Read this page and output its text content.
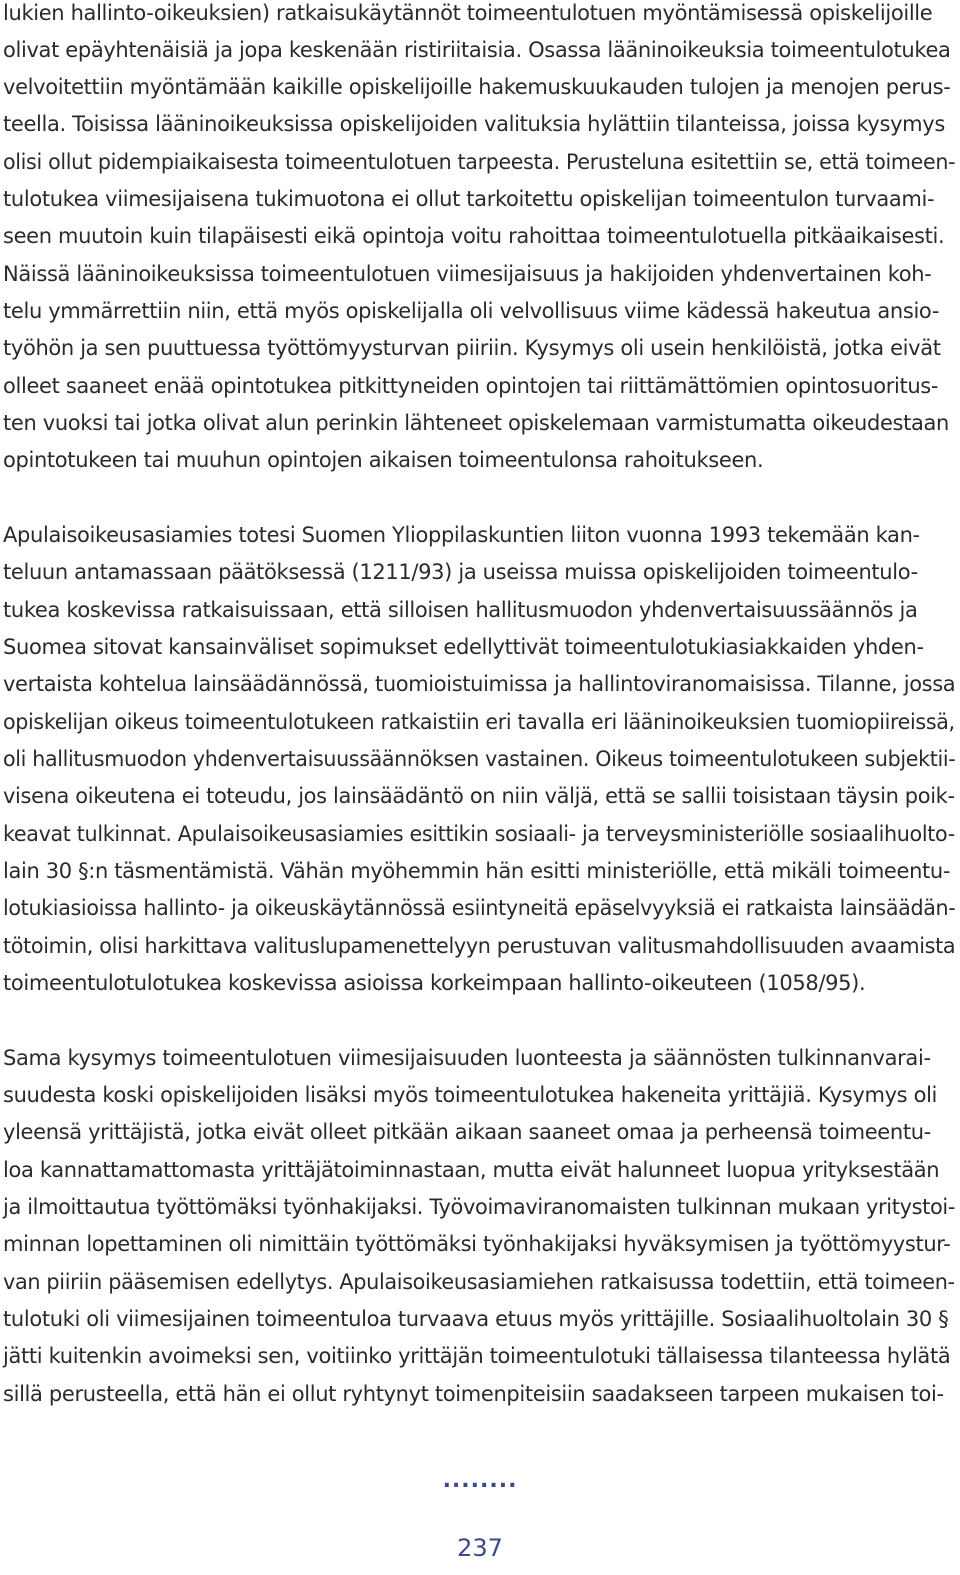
lukien hallinto-oikeuksien) ratkaisukäytännöt toimeentulotuen myöntämisessä opiskelijoille
olivat epäyhtenäisiä ja jopa keskenään ristiriitaisia. Osassa lääninoikeuksia toimeentulotukea
velvoitettiin myöntämään kaikille opiskelijoille hakemuskuukauden tulojen ja menojen perus-
teella. Toisissa lääninoikeuksissa opiskelijoiden valituksia hylättiin tilanteissa, joissa kysymys
olisi ollut pidempiaikaisesta toimeentulotuen tarpeesta. Perusteluna esitettiin se, että toimeen-
tulotukea viimesijaisena tukimuotona ei ollut tarkoitettu opiskelijan toimeentulon turvaami-
seen muutoin kuin tilapäisesti eikä opintoja voitu rahoittaa toimeentulotuella pitkäaikaisesti.
Näissä lääninoikeuksissa toimeentulotuen viimesijaisuus ja hakijoiden yhdenvertainen koh-
telu ymmärrettiin niin, että myös opiskelijalla oli velvollisuus viime kädessä hakeutua ansio-
työhön ja sen puuttuessa työttömyysturvan piiriin. Kysymys oli usein henkilöistä, jotka eivät
olleet saaneet enää opintotukea pitkittyneiden opintojen tai riittämättömien opintosuoritus-
ten vuoksi tai jotka olivat alun perinkin lähteneet opiskelemaan varmistumatta oikeudestaan
opintotukeen tai muuhun opintojen aikaisen toimeentulonsa rahoitukseen.
Apulaisoikeusasiamies totesi Suomen Ylioppilaskuntien liiton vuonna 1993 tekemään kan-
teluun antamassaan päätöksessä (1211/93) ja useissa muissa opiskelijoiden toimeentulo-
tukea koskevissa ratkaisuissaan, että silloisen hallitusmuodon yhdenvertaisuussäännös ja
Suomea sitovat kansainväliset sopimukset edellyttivät toimeentulotukiasiakkaiden yhden-
vertaista kohtelua lainsäädännössä, tuomioistuimissa ja hallintoviranomaisissa. Tilanne, jossa
opiskelijan oikeus toimeentulotukeen ratkaistiin eri tavalla eri lääninoikeuksien tuomiopiireissä,
oli hallitusmuodon yhdenvertaisuussäännöksen vastainen. Oikeus toimeentulotukeen subjektii-
visena oikeutena ei toteudu, jos lainsäädäntö on niin väljä, että se sallii toisistaan täysin poik-
keavat tulkinnat. Apulaisoikeusasiamies esittikin sosiaali- ja terveysministeriölle sosiaalihuolto-
lain 30 §:n täsmentämistä. Vähän myöhemmin hän esitti ministeriölle, että mikäli toimeentu-
lotukiasioissa hallinto- ja oikeuskäytännössä esiintyneitä epäselvyyksiä ei ratkaista lainsäädän-
tötoimin, olisi harkittava valituslupamenettelyyn perustuvan valitusmahdollisuuden avaamista
toimeentulotulotukea koskevissa asioissa korkeimpaan hallinto-oikeuteen (1058/95).
Sama kysymys toimeentulotuen viimesijaisuuden luonteesta ja säännösten tulkinnanvarai-
suudesta koski opiskelijoiden lisäksi myös toimeentulotukea hakeneita yrittäjiä. Kysymys oli
yleensä yrittäjistä, jotka eivät olleet pitkään aikaan saaneet omaa ja perheensä toimeentu-
loa kannattamattomasta yrittäjätoiminnastaan, mutta eivät halunneet luopua yrityksestään
ja ilmoittautua työttömäksi työnhakijaksi. Työvoimaviranomaisten tulkinnan mukaan yritystoi-
minnan lopettaminen oli nimittäin työttömäksi työnhakijaksi hyväksymisen ja työttömyystur-
van piiriin pääsemisen edellytys. Apulaisoikeusasiamiehen ratkaisussa todettiin, että toimeen-
tulotuki oli viimesijainen toimeentuloa turvaava etuus myös yrittäjille. Sosiaalihuoltolain 30 §
jätti kuitenkin avoimeksi sen, voitiinko yrittäjän toimeentulotuki tällaisessa tilanteessa hylätä
sillä perusteella, että hän ei ollut ryhtynyt toimenpiteisiin saadakseen tarpeen mukaisen toi-
........
237
